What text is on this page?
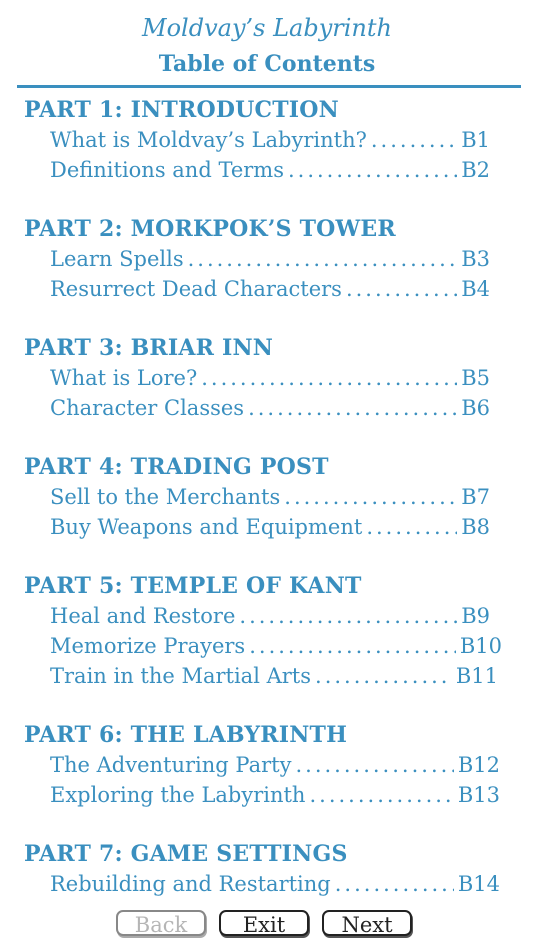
Moldvay’s Labyrinth
Table of Contents
PART 1: INTRODUCTION
What is Moldvay’s Labyrinth? .....	B1
Definitions and Terms .....	B2
PART 2: MORKPOK’S TOWER
Learn Spells .....	B3
Resurrect Dead Characters .....	B4
PART 3: BRIAR INN
What is Lore? .....	B5
Character Classes .....	B6
PART 4: TRADING POST
Sell to the Merchants .....	B7
Buy Weapons and Equipment .....	B8
PART 5: TEMPLE OF KANT
Heal and Restore .....	B9
Memorize Prayers .....	B10
Train in the Martial Arts .....	B11
PART 6: THE LABYRINTH
The Adventuring Party .....	B12
Exploring the Labyrinth .....	B13
PART 7: GAME SETTINGS
Rebuilding and Restarting .....	B14
Back	Exit	Next
